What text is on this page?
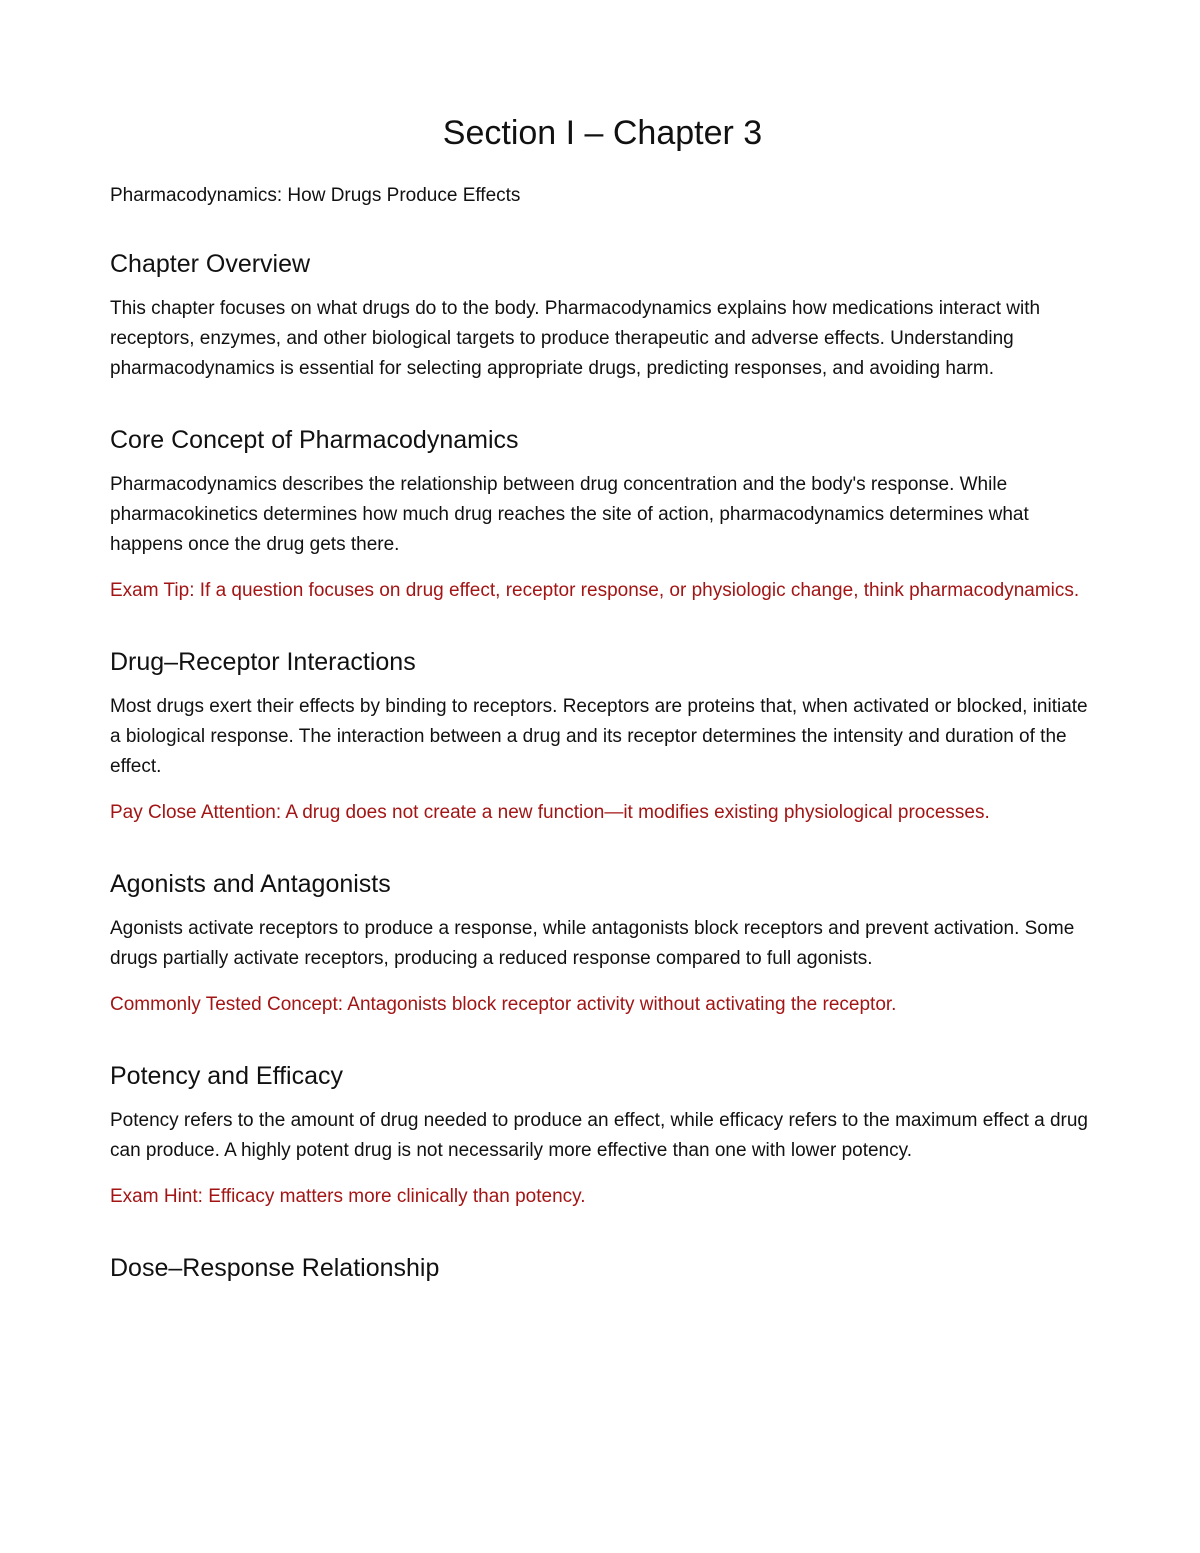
Section I – Chapter 3

Pharmacodynamics: How Drugs Produce Effects

Chapter Overview

This chapter focuses on what drugs do to the body. Pharmacodynamics explains how medications interact with receptors, enzymes, and other biological targets to produce therapeutic and adverse effects. Understanding pharmacodynamics is essential for selecting appropriate drugs, predicting responses, and avoiding harm.

Core Concept of Pharmacodynamics

Pharmacodynamics describes the relationship between drug concentration and the body's response. While pharmacokinetics determines how much drug reaches the site of action, pharmacodynamics determines what happens once the drug gets there.

Exam Tip: If a question focuses on drug effect, receptor response, or physiologic change, think pharmacodynamics.

Drug–Receptor Interactions

Most drugs exert their effects by binding to receptors. Receptors are proteins that, when activated or blocked, initiate a biological response. The interaction between a drug and its receptor determines the intensity and duration of the effect.

Pay Close Attention: A drug does not create a new function—it modifies existing physiological processes.

Agonists and Antagonists

Agonists activate receptors to produce a response, while antagonists block receptors and prevent activation. Some drugs partially activate receptors, producing a reduced response compared to full agonists.

Commonly Tested Concept: Antagonists block receptor activity without activating the receptor.

Potency and Efficacy

Potency refers to the amount of drug needed to produce an effect, while efficacy refers to the maximum effect a drug can produce. A highly potent drug is not necessarily more effective than one with lower potency.

Exam Hint: Efficacy matters more clinically than potency.

Dose–Response Relationship
